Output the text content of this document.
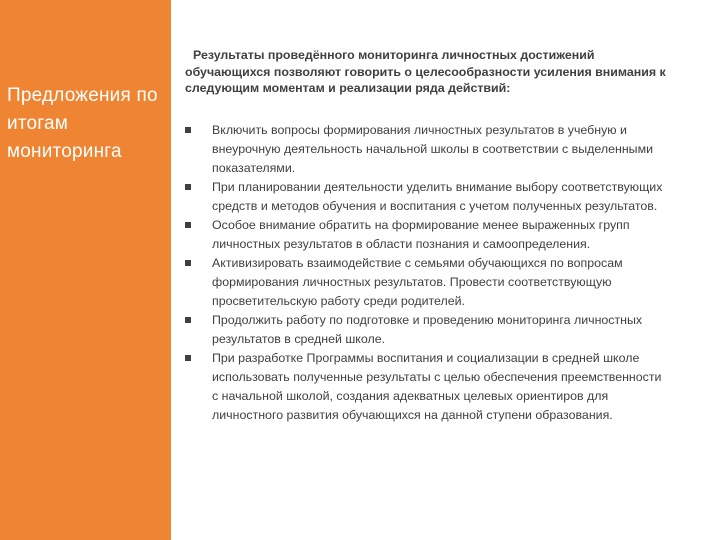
Предложения по итогам мониторинга

Результаты проведённого мониторинга личностных достижений обучающихся позволяют говорить о целесообразности усиления внимания к следующим моментам и реализации ряда действий:

Включить вопросы формирования личностных результатов в учебную и внеурочную деятельность начальной школы в соответствии с выделенными показателями.
При планировании деятельности уделить внимание выбору соответствующих средств и методов обучения и воспитания с учетом полученных результатов.
Особое внимание обратить на формирование менее выраженных групп личностных результатов в области познания и самоопределения.
Активизировать взаимодействие с семьями обучающихся по вопросам формирования личностных результатов. Провести соответствующую просветительскую работу среди родителей.
Продолжить работу по подготовке и проведению мониторинга личностных результатов в средней школе.
При разработке Программы воспитания и социализации в средней школе использовать полученные результаты с целью обеспечения преемственности с начальной школой, создания адекватных целевых ориентиров для личностного развития обучающихся на данной ступени образования.
